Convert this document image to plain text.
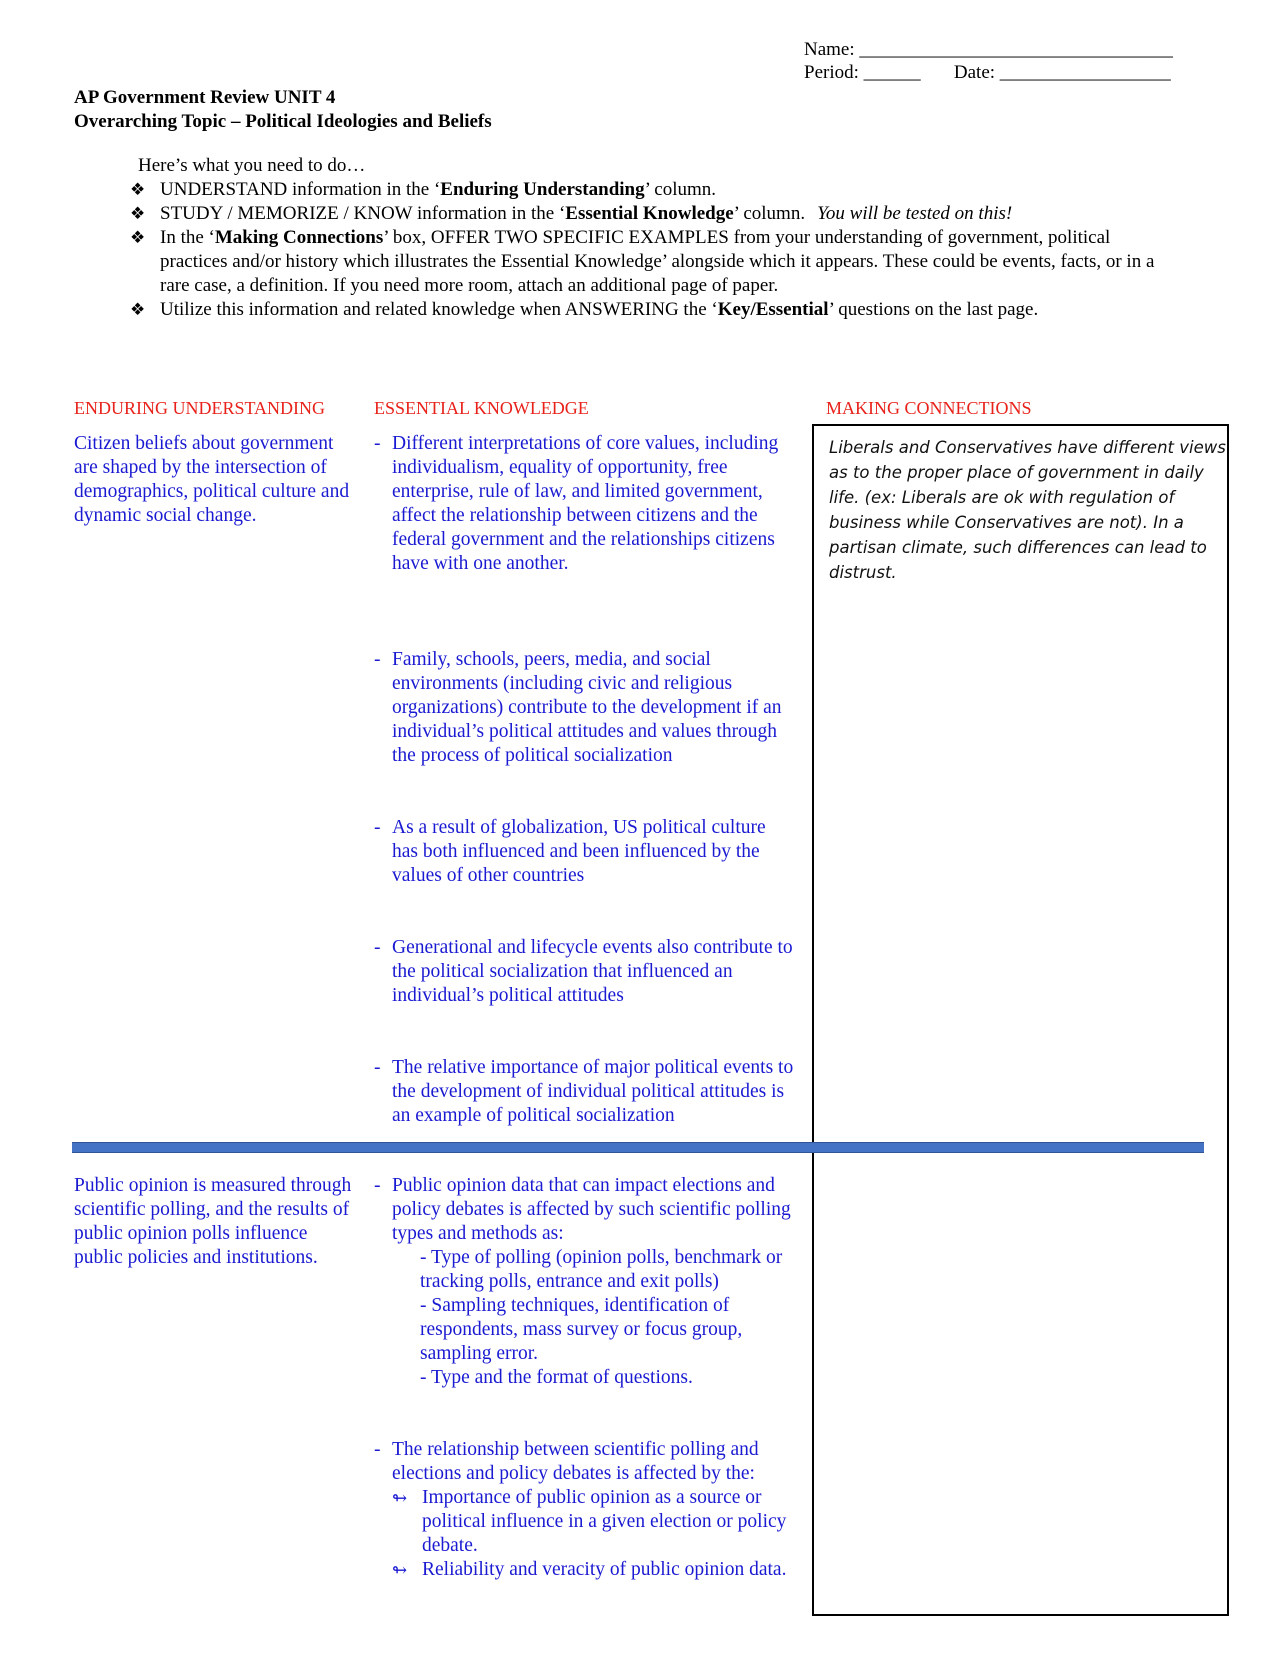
Name: _________________________________
Period: ______       Date: __________________
AP Government Review UNIT 4
Overarching Topic – Political Ideologies and Beliefs
Here’s what you need to do…
❖ UNDERSTAND information in the ‘Enduring Understanding’ column.
❖ STUDY / MEMORIZE / KNOW information in the ‘Essential Knowledge’ column. You will be tested on this!
❖ In the ‘Making Connections’ box, OFFER TWO SPECIFIC EXAMPLES from your understanding of government, political practices and/or history which illustrates the Essential Knowledge’ alongside which it appears. These could be events, facts, or in a rare case, a definition. If you need more room, attach an additional page of paper.
❖ Utilize this information and related knowledge when ANSWERING the ‘Key/Essential’ questions on the last page.
ENDURING UNDERSTANDING	ESSENTIAL KNOWLEDGE	MAKING CONNECTIONS
Liberals and Conservatives have different views as to the proper place of government in daily life. (ex: Liberals are ok with regulation of business while Conservatives are not). In a partisan climate, such differences can lead to distrust.
Citizen beliefs about government are shaped by the intersection of demographics, political culture and dynamic social change.
- Different interpretations of core values, including individualism, equality of opportunity, free enterprise, rule of law, and limited government, affect the relationship between citizens and the federal government and the relationships citizens have with one another.
- Family, schools, peers, media, and social environments (including civic and religious organizations) contribute to the development if an individual’s political attitudes and values through the process of political socialization
- As a result of globalization, US political culture has both influenced and been influenced by the values of other countries
- Generational and lifecycle events also contribute to the political socialization that influenced an individual’s political attitudes
- The relative importance of major political events to the development of individual political attitudes is an example of political socialization
Public opinion is measured through scientific polling, and the results of public opinion polls influence public policies and institutions.
- Public opinion data that can impact elections and policy debates is affected by such scientific polling types and methods as:
- Type of polling (opinion polls, benchmark or tracking polls, entrance and exit polls)
- Sampling techniques, identification of respondents, mass survey or focus group, sampling error.
- Type and the format of questions.
- The relationship between scientific polling and elections and policy debates is affected by the:
↬ Importance of public opinion as a source or political influence in a given election or policy debate.
↬ Reliability and veracity of public opinion data.
